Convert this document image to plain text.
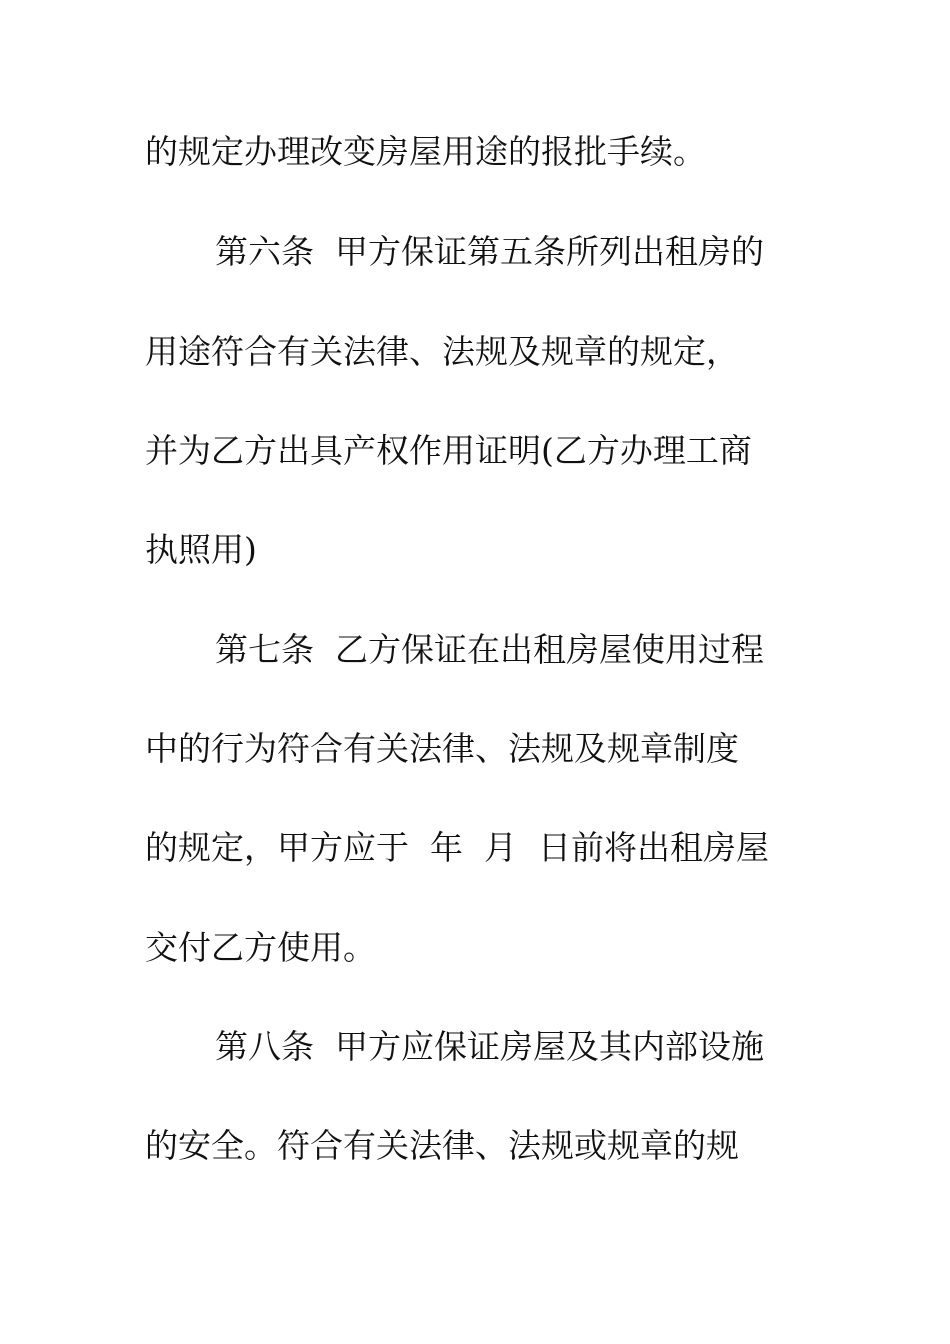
的规定办理改变房屋用途的报批手续。
第六条  甲方保证第五条所列出租房的
用途符合有关法律、法规及规章的规定，
并为乙方出具产权作用证明(乙方办理工商
执照用)
第七条  乙方保证在出租房屋使用过程
中的行为符合有关法律、法规及规章制度
的规定，甲方应于  年  月  日前将出租房屋
交付乙方使用。
第八条  甲方应保证房屋及其内部设施
的安全。符合有关法律、法规或规章的规
